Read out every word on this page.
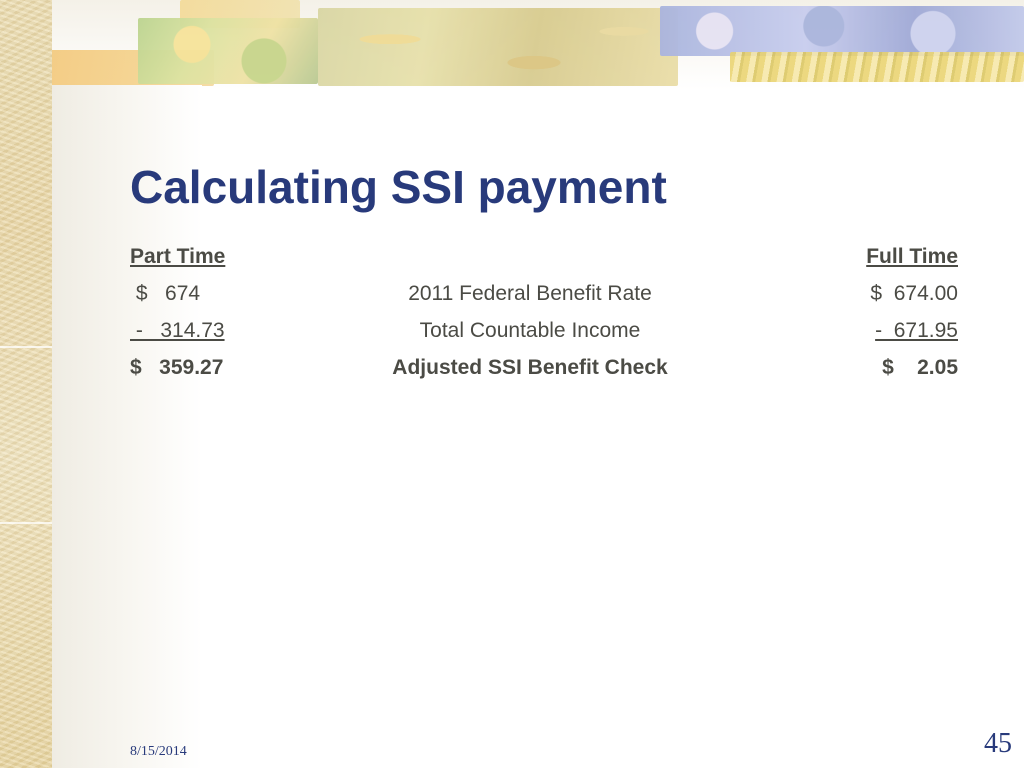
Calculating SSI payment
Part Time	Full Time
$   674	2011 Federal Benefit Rate	$  674.00
-   314.73	Total Countable Income	-  671.95
$   359.27	Adjusted SSI Benefit Check	$    2.05
8/15/2014	45
